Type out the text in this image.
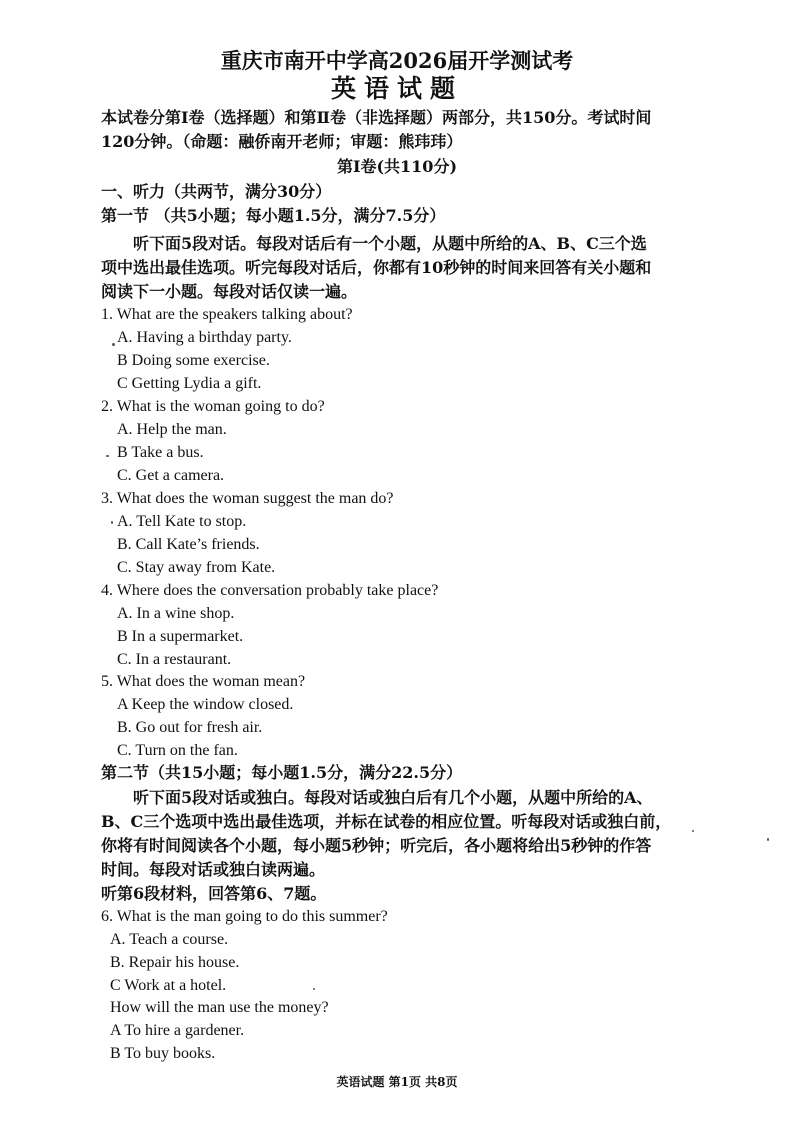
重庆市南开中学高2026届开学测试考
英语试题
本试卷分第Ⅰ卷（选择题）和第Ⅱ卷（非选择题）两部分，共150分。考试时间
120分钟。（命题：融侨南开老师；审题：熊玮玮）
第Ⅰ卷(共110分)
一、听力（共两节，满分30分）
第一节 （共5小题；每小题1.5分，满分7.5分）
听下面5段对话。每段对话后有一个小题，从题中所给的A、B、C三个选
项中选出最佳选项。听完每段对话后，你都有10秒钟的时间来回答有关小题和
阅读下一小题。每段对话仅读一遍。
1. What are the speakers talking about?
A. Having a birthday party.
B Doing some exercise.
C Getting Lydia a gift.
2. What is the woman going to do?
A. Help the man.
B Take a bus.
C. Get a camera.
3. What does the woman suggest the man do?
A. Tell Kate to stop.
B. Call Kate’s friends.
C. Stay away from Kate.
4. Where does the conversation probably take place?
A. In a wine shop.
B In a supermarket.
C. In a restaurant.
5. What does the woman mean?
A Keep the window closed.
B. Go out for fresh air.
C. Turn on the fan.
第二节（共15小题；每小题1.5分，满分22.5分）
听下面5段对话或独白。每段对话或独白后有几个小题，从题中所给的A、
B、C三个选项中选出最佳选项，并标在试卷的相应位置。听每段对话或独白前，
你将有时间阅读各个小题，每小题5秒钟；听完后，各小题将给出5秒钟的作答
时间。每段对话或独白读两遍。
听第6段材料，回答第6、7题。
6. What is the man going to do this summer?
A. Teach a course.
B. Repair his house.
C Work at a hotel.
How will the man use the money?
A To hire a gardener.
B To buy books.
英语试题 第1页 共8页
